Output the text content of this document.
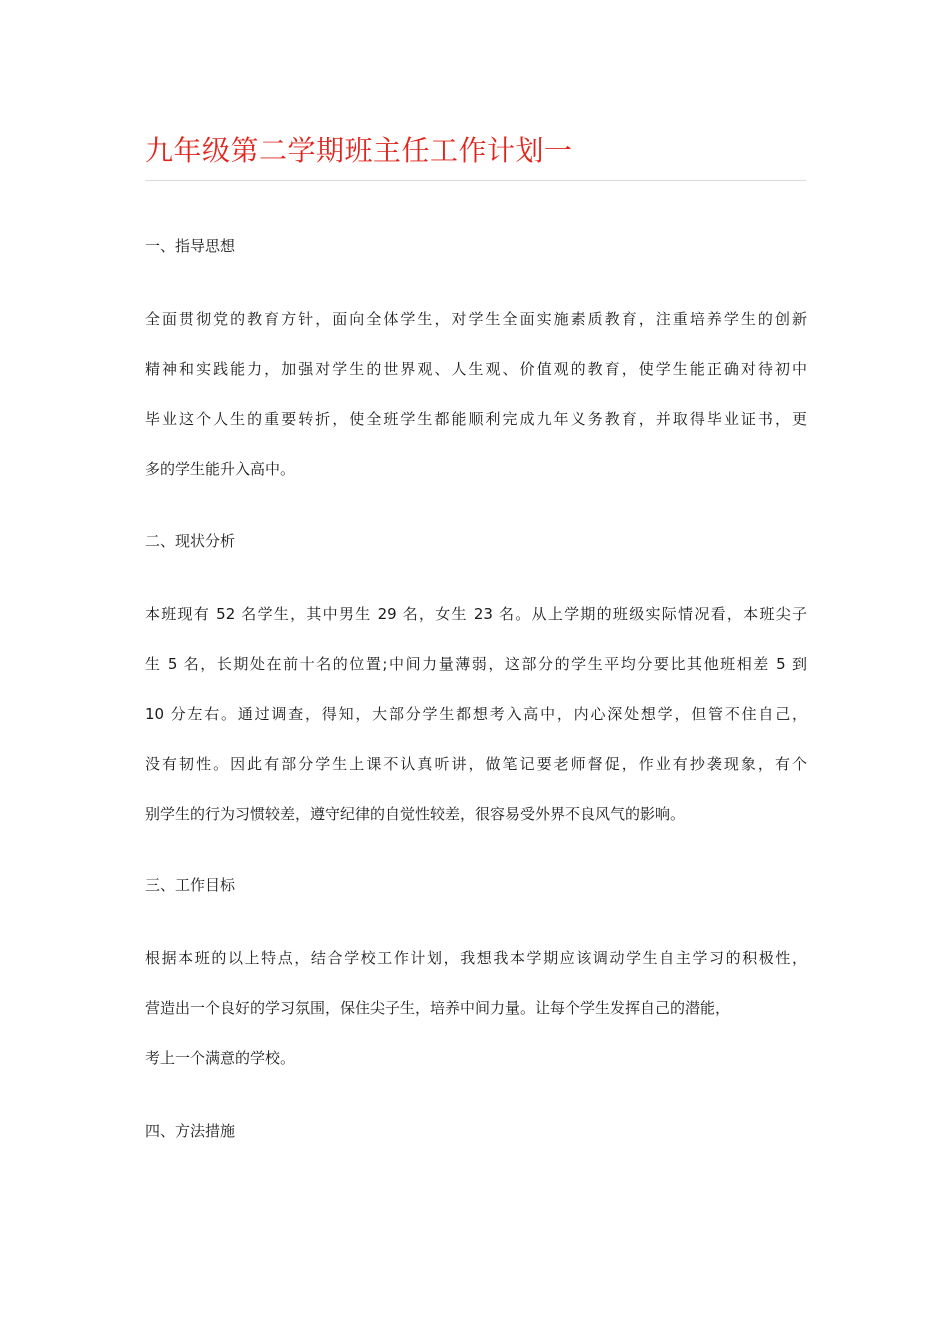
九年级第二学期班主任工作计划一
一、指导思想
全面贯彻党的教育方针，面向全体学生，对学生全面实施素质教育，注重培养学生的创新
精神和实践能力，加强对学生的世界观、人生观、价值观的教育，使学生能正确对待初中
毕业这个人生的重要转折，使全班学生都能顺利完成九年义务教育，并取得毕业证书，更
多的学生能升入高中。
二、现状分析
本班现有 52 名学生，其中男生 29 名，女生 23 名。从上学期的班级实际情况看，本班尖子
生 5 名，长期处在前十名的位置;中间力量薄弱，这部分的学生平均分要比其他班相差 5 到
10 分左右。通过调查，得知，大部分学生都想考入高中，内心深处想学，但管不住自己，
没有韧性。因此有部分学生上课不认真听讲，做笔记要老师督促，作业有抄袭现象，有个
别学生的行为习惯较差，遵守纪律的自觉性较差，很容易受外界不良风气的影响。
三、工作目标
根据本班的以上特点，结合学校工作计划，我想我本学期应该调动学生自主学习的积极性，
营造出一个良好的学习氛围，保住尖子生，培养中间力量。让每个学生发挥自己的潜能，
考上一个满意的学校。
四、方法措施
